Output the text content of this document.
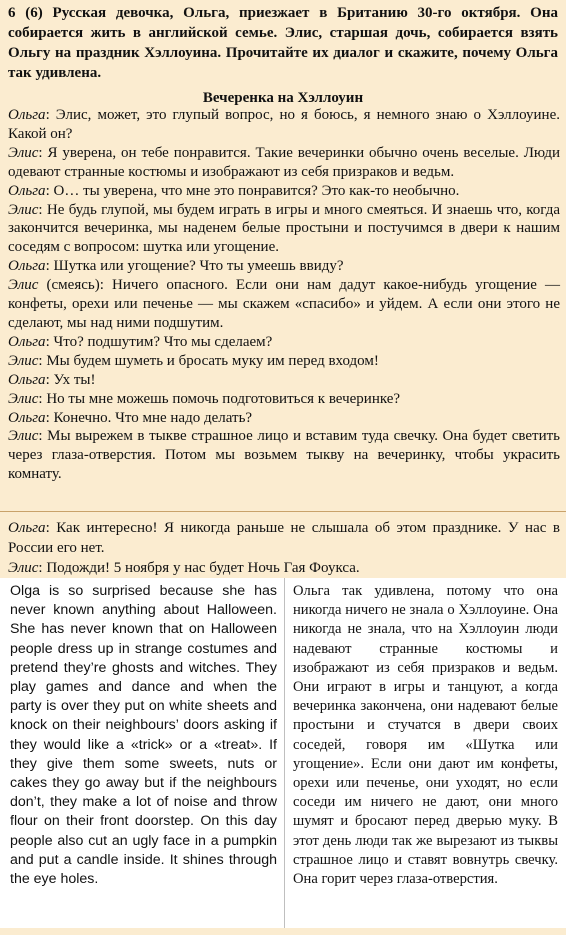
6 (6) Русская девочка, Ольга, приезжает в Британию 30-го октября. Она собирается жить в английской семье. Элис, старшая дочь, собирается взять Ольгу на праздник Хэллоуина. Прочитайте их диалог и скажите, почему Ольга так удивлена.
Вечеренка на Хэллоуин

Ольга: Элис, может, это глупый вопрос, но я боюсь, я немного знаю о Хэллоуине. Какой он?

Элис: Я уверена, он тебе понравится. Такие вечеринки обычно очень веселые. Люди одевают странные костюмы и изображают из себя призраков и ведьм.

Ольга: О… ты уверена, что мне это понравится? Это как-то необычно.

Элис: Не будь глупой, мы будем играть в игры и много смеяться. И знаешь что, когда закончится вечеринка, мы наденем белые простыни и постучимся в двери к нашим соседям с вопросом: шутка или угощение.

Ольга: Шутка или угощение? Что ты умеешь ввиду?

Элис (смеясь): Ничего опасного. Если они нам дадут какое-нибудь угощение — конфеты, орехи или печенье — мы скажем «спасибо» и уйдем. А если они этого не сделают, мы над ними подшутим.

Ольга: Что? подшутим? Что мы сделаем?

Элис: Мы будем шуметь и бросать муку им перед входом!

Ольга: Ух ты!

Элис: Но ты мне можешь помочь подготовиться к вечеринке?

Ольга: Конечно. Что мне надо делать?

Элис: Мы вырежем в тыкве страшное лицо и вставим туда свечку. Она будет светить через глаза-отверстия. Потом мы возьмем тыкву на вечеринку, чтобы украсить комнату.

Ольга: Как интересно! Я никогда раньше не слышала об этом празднике. У нас в России его нет.

Элис: Подожди! 5 ноября у нас будет Ночь Гая Фоукса.

Olga is so surprised because she has never known anything about Halloween. She has never known that on Halloween people dress up in strange costumes and pretend they’re ghosts and witches. They play games and dance and when the party is over they put on white sheets and knock on their neighbours’ doors asking if they would like a «trick» or a «treat». If they give them some sweets, nuts or cakes they go away but if the neighbours don’t, they make a lot of noise and throw flour on their front doorstep. On this day people also cut an ugly face in a pumpkin and put a candle inside. It shines through the eye holes.
Ольга так удивлена, потому что она никогда ничего не знала о Хэллоуине. Она никогда не знала, что на Хэллоуин люди надевают странные костюмы и изображают из себя призраков и ведьм. Они играют в игры и танцуют, а когда вечеринка закончена, они надевают белые простыни и стучатся в двери своих соседей, говоря им «Шутка или угощение». Если они дают им конфеты, орехи или печенье, они уходят, но если соседи им ничего не дают, они много шумят и бросают перед дверью муку. В этот день люди так же вырезают из тыквы страшное лицо и ставят вовнутрь свечку. Она горит через глаза-отверстия.
